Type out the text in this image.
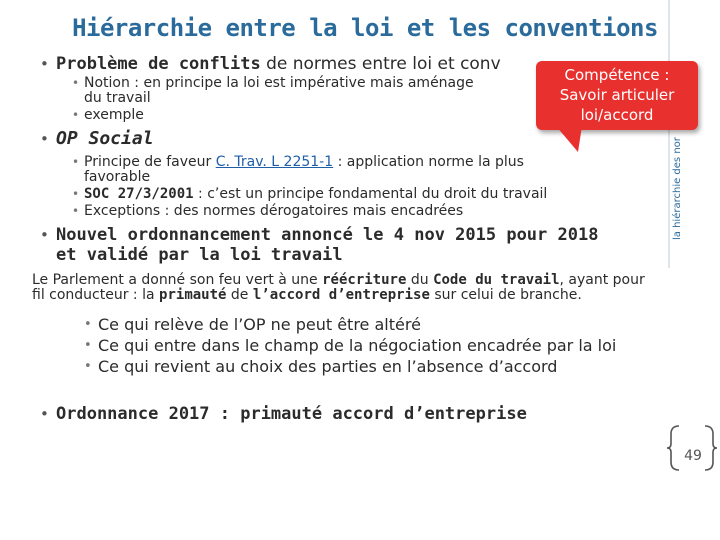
Hiérarchie entre la loi et les conventions
la hiérarchie des nor
• Problème de conflits de normes entre loi et conv
• Notion : en principe la loi est impérative mais aménage
du travail
• exemple
• OP Social
• Principe de faveur C. Trav. L 2251-1 : application norme la plus
favorable
• SOC 27/3/2001 : c’est un principe fondamental du droit du travail
• Exceptions : des normes dérogatoires mais encadrées
• Nouvel ordonnancement annoncé le 4 nov 2015 pour 2018
et validé par la loi travail
Le Parlement a donné son feu vert à une réécriture du Code du travail, ayant pour fil conducteur : la primauté de l’accord d’entreprise sur celui de branche.
• Ce qui relève de l’OP ne peut être altéré
• Ce qui entre dans le champ de la négociation encadrée par la loi
• Ce qui revient au choix des parties en l’absence d’accord
• Ordonnance 2017 : primauté accord d’entreprise
Compétence :
Savoir articuler
loi/accord
49
